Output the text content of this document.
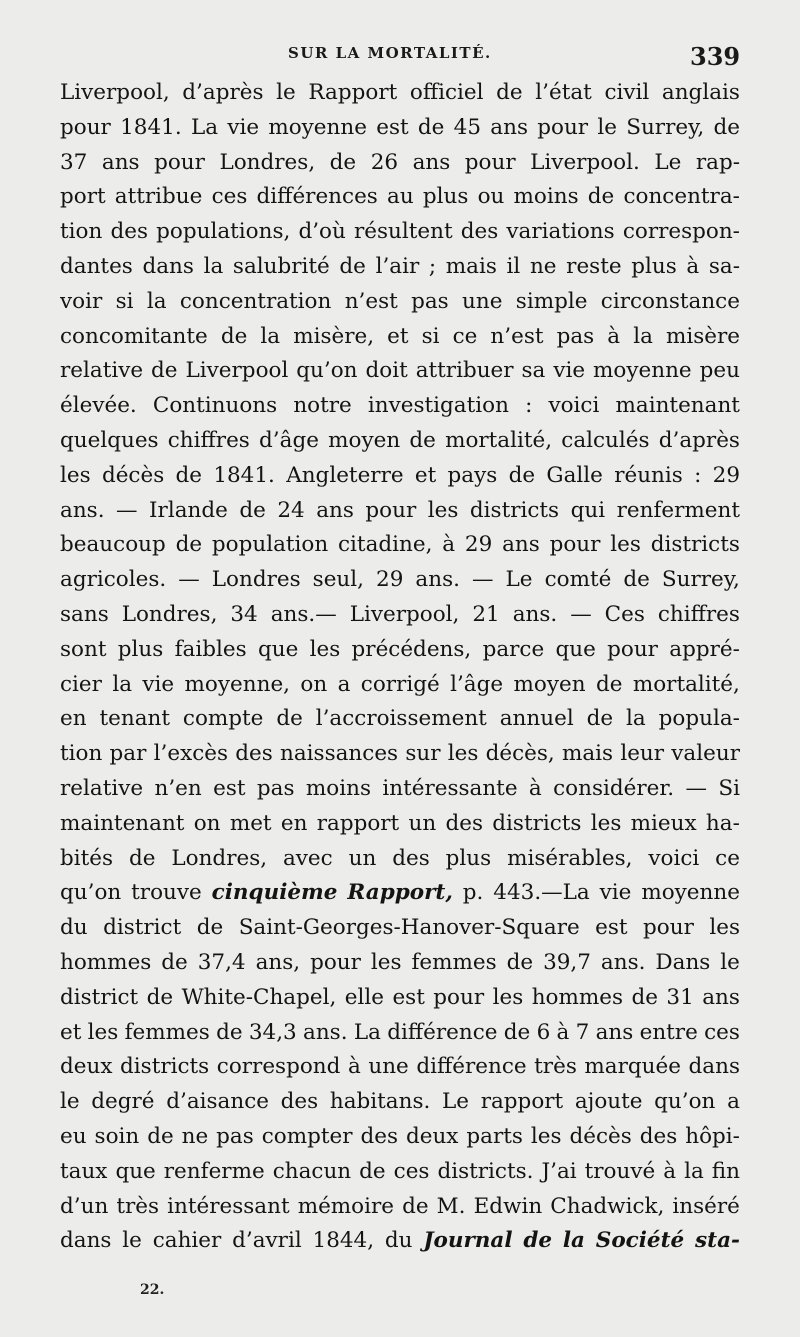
SUR LA MORTALITÉ.	339
Liverpool, d’après le Rapport officiel de l’état civil anglais
pour 1841. La vie moyenne est de 45 ans pour le Surrey, de
37 ans pour Londres, de 26 ans pour Liverpool. Le rap-
port attribue ces différences au plus ou moins de concentra-
tion des populations, d’où résultent des variations correspon-
dantes dans la salubrité de l’air ; mais il ne reste plus à sa-
voir si la concentration n’est pas une simple circonstance
concomitante de la misère, et si ce n’est pas à la misère
relative de Liverpool qu’on doit attribuer sa vie moyenne peu
élevée. Continuons notre investigation : voici maintenant
quelques chiffres d’âge moyen de mortalité, calculés d’après
les décès de 1841. Angleterre et pays de Galle réunis : 29
ans. — Irlande de 24 ans pour les districts qui renferment
beaucoup de population citadine, à 29 ans pour les districts
agricoles. — Londres seul, 29 ans. — Le comté de Surrey,
sans Londres, 34 ans.— Liverpool, 21 ans. — Ces chiffres
sont plus faibles que les précédens, parce que pour appré-
cier la vie moyenne, on a corrigé l’âge moyen de mortalité,
en tenant compte de l’accroissement annuel de la popula-
tion par l’excès des naissances sur les décès, mais leur valeur
relative n’en est pas moins intéressante à considérer. — Si
maintenant on met en rapport un des districts les mieux ha-
bités de Londres, avec un des plus misérables, voici ce
qu’on trouve cinquième Rapport, p. 443.—La vie moyenne
du district de Saint-Georges-Hanover-Square est pour les
hommes de 37,4 ans, pour les femmes de 39,7 ans. Dans le
district de White-Chapel, elle est pour les hommes de 31 ans
et les femmes de 34,3 ans. La différence de 6 à 7 ans entre ces
deux districts correspond à une différence très marquée dans
le degré d’aisance des habitans. Le rapport ajoute qu’on a
eu soin de ne pas compter des deux parts les décès des hôpi-
taux que renferme chacun de ces districts. J’ai trouvé à la fin
d’un très intéressant mémoire de M. Edwin Chadwick, inséré
dans le cahier d’avril 1844, du Journal de la Société sta-
22.
